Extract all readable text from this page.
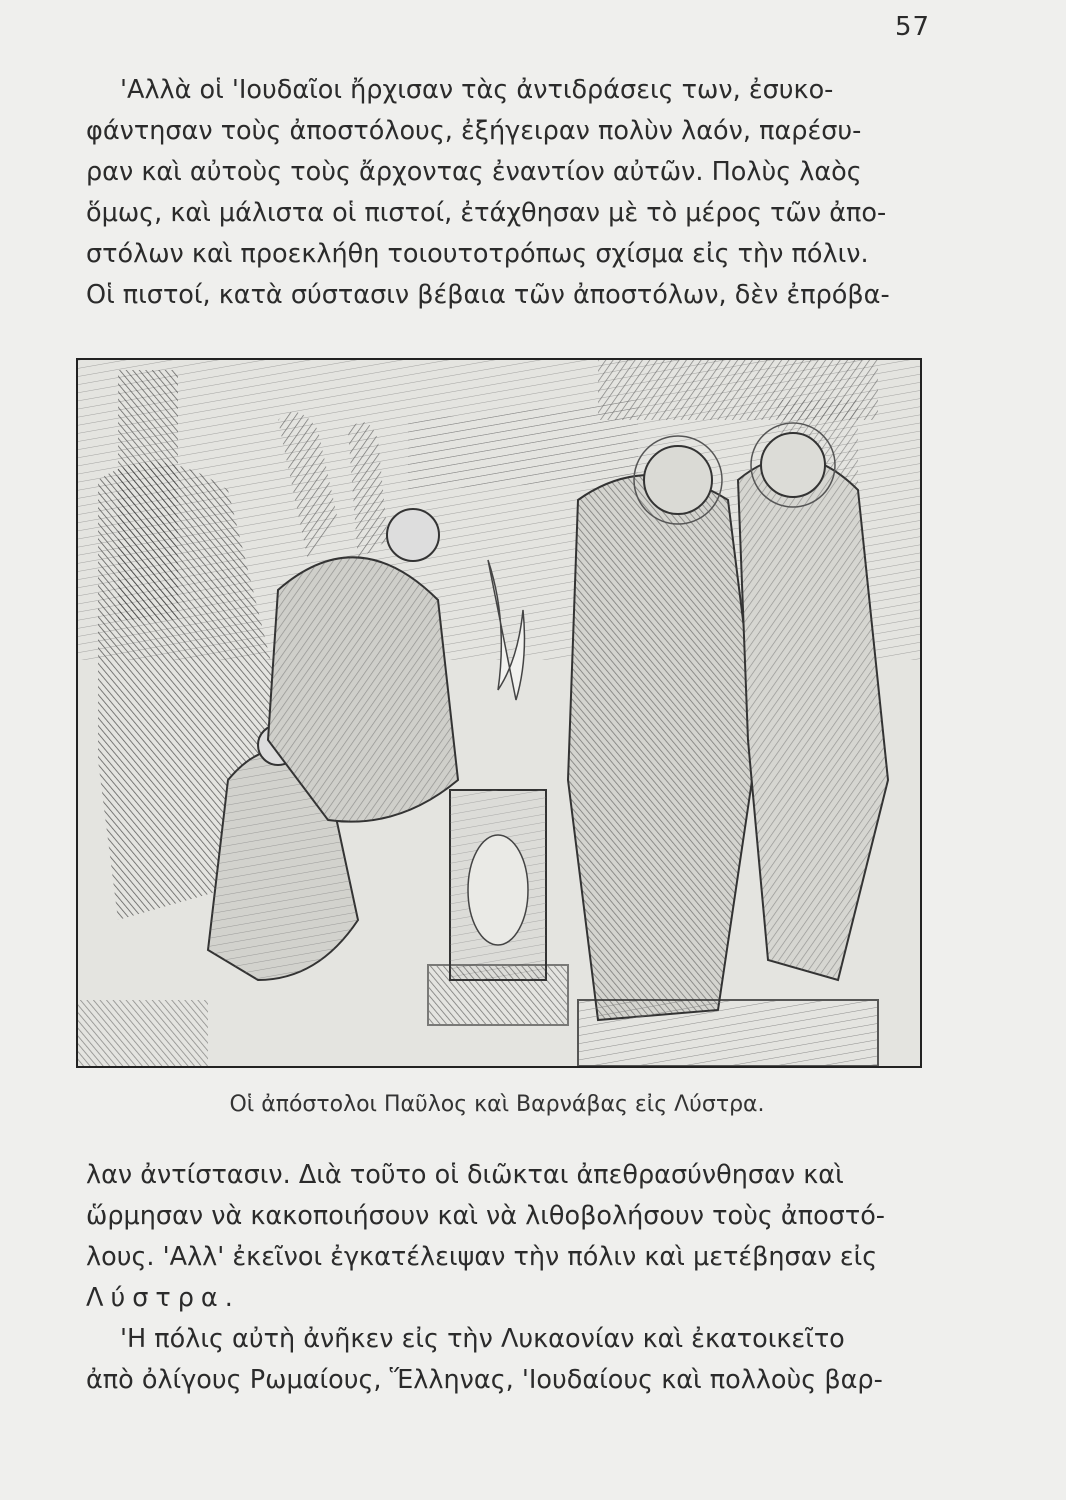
57
'Αλλὰ οἱ 'Ιουδαῖοι ἤρχισαν τὰς ἀντιδράσεις των, ἐσυκο-
φάντησαν τοὺς ἀποστόλους, ἐξήγειραν πολὺν λαόν, παρέσυ-
ραν καὶ αὐτοὺς τοὺς ἄρχοντας ἐναντίον αὐτῶν. Πολὺς λαὸς
ὅμως, καὶ μάλιστα οἱ πιστοί, ἐτάχθησαν μὲ τὸ μέρος τῶν ἀπο-
στόλων καὶ προεκλήθη τοιουτοτρόπως σχίσμα εἰς τὴν πόλιν.
Οἱ πιστοί, κατὰ σύστασιν βέβαια τῶν ἀποστόλων, δὲν ἐπρόβα-
Οἱ ἀπόστολοι Παῦλος καὶ Βαρνάβας εἰς Λύστρα.
λαν ἀντίστασιν. Διὰ τοῦτο οἱ διῶκται ἀπεθρασύνθησαν καὶ
ὥρμησαν νὰ κακοποιήσουν καὶ νὰ λιθοβολήσουν τοὺς ἀποστό-
λους. 'Αλλ' ἐκεῖνοι ἐγκατέλειψαν τὴν πόλιν καὶ μετέβησαν εἰς
Λύστρα.
'Η πόλις αὐτὴ ἀνῆκεν εἰς τὴν Λυκαονίαν καὶ ἐκατοικεῖτο
ἀπὸ ὀλίγους Ρωμαίους, Ἕλληνας, 'Ιουδαίους καὶ πολλοὺς βαρ-
